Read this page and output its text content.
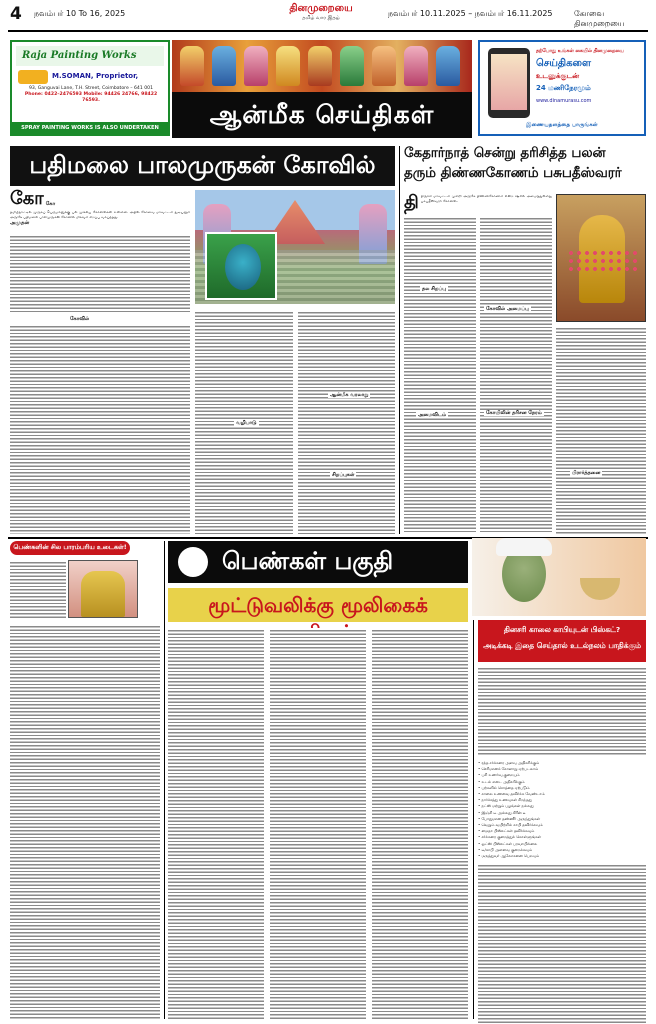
4 நவம்பர் 10 To 16, 2025	தினமுறையை
தமிழ் வார இதழ்	நவம்பர் 10.11.2025 – நவம்பர் 16.11.2025	கோவை தினமுறையை
Raja Painting Works
M.SOMAN, Proprietor,
93, Ganguvai Lane, T.H. Street, Coimbatore – 641 001
Phone: 0422–2476593 Mobile: 94426 24766, 98422 76593.
SPRAY PAINTING WORKS IS ALSO UNDERTAKEN	ஆன்மீக செய்திகள்
தற்போது உங்கள் கையில் தினமுறையை
செய்திகளை
உடனுக்குடன்
24 மணிநேரமும்
www.dinamurasu.com
இணையதளத்தை பாருங்கள்
பதிமலை பாலமுருகன் கோவில்
கோ கோ அமுதன்
தமிழ்நாட்டில் முருகப் பெருமானுக்கு பல முக்கிய கோவில்கள் உள்ளன. அதில் கோவை மாவட்டம் துடியலூர் அருகே பதிமலை பாலமுருகன் கோவில் மிகவும் சிறப்பு வாய்ந்தது.
கோவில்
வழிபாடு
ஆன்மீக வரலாறு
சிறப்புகள்
கேதார்நாத் சென்று தரிசித்த பலன்
தரும் திண்ணகோணம் பசுபதீஸ்வரர்
தி திருச்சி மாவட்டம் முசிறி அருகே திண்ணகோணம் என்ற ஊரில் அமைந்துள்ளது பசுபதீஸ்வரர் கோவில்.
தல சிறப்பு
அமைவிடம்
கோவில் அமைப்பு
கோயிலின் தரிசன நேரம்
பிரார்த்தனை
பெண்களின் சில பாரம்பரிய உடைகள்!	பெண்கள் பகுதி
மூட்டுவலிக்கு மூலிகைக்
தினசரி காலை காபியுடன் பிஸ்கட்?
அடிக்கடி இதை செய்தால் உடல்நலம் பாதிக்கும்
• ரத்த சர்க்கரை அளவு அதிகரிக்கும்
• செரிமானக் கோளாறு ஏற்படலாம்
• பசி உணர்வு குறையும்
• உடல் எடை அதிகரிக்கும்
• பற்களில் சொத்தை ஏற்படும்
• காலை உணவை தவிர்க்க வேண்டாம்
• நார்ச்சத்து உணவுகள் சிறந்தது
• நட்ஸ் மற்றும் பழங்கள் நல்லது
• இஞ்சி டீ அல்லது கிரீன் டீ
• போதுமான தண்ணீர் அருந்துங்கள்
• வெறும் வயிற்றில் காபி தவிர்க்கவும்
• மைதா பிஸ்கட்கள் தவிர்க்கவும்
• சர்க்கரை குறைத்துக் கொள்ளுங்கள்
• ஓட்ஸ் பிஸ்கட்கள் பரவாயில்லை
• டீ/காபி அளவை குறைக்கவும்
• மருத்துவர் ஆலோசனை பெறவும்
